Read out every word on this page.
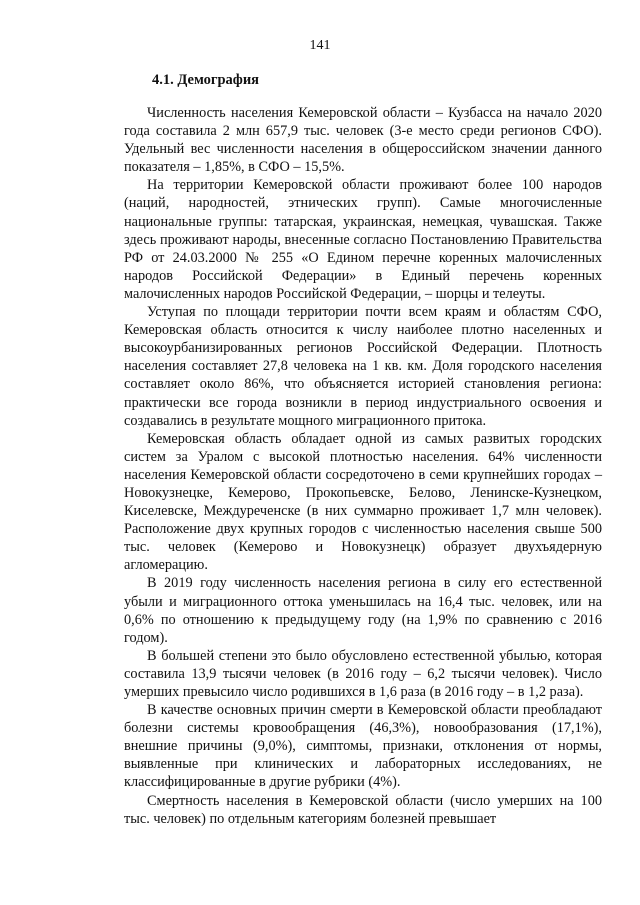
141
4.1. Демография

Численность населения Кемеровской области – Кузбасса на начало 2020 года составила 2 млн 657,9 тыс. человек (3-е место среди регионов СФО). Удельный вес численности населения в общероссийском значении данного показателя – 1,85%, в СФО – 15,5%.

На территории Кемеровской области проживают более 100 народов (наций, народностей, этнических групп). Самые многочисленные национальные группы: татарская, украинская, немецкая, чувашская. Также здесь проживают народы, внесенные согласно Постановлению Правительства РФ от 24.03.2000 № 255 «О Едином перечне коренных малочисленных народов Российской Федерации» в Единый перечень коренных малочисленных народов Российской Федерации, – шорцы и телеуты.

Уступая по площади территории почти всем краям и областям СФО, Кемеровская область относится к числу наиболее плотно населенных и высокоурбанизированных регионов Российской Федерации. Плотность населения составляет 27,8 человека на 1 кв. км. Доля городского населения составляет около 86%, что объясняется историей становления региона: практически все города возникли в период индустриального освоения и создавались в результате мощного миграционного притока.

Кемеровская область обладает одной из самых развитых городских систем за Уралом с высокой плотностью населения. 64% численности населения Кемеровской области сосредоточено в семи крупнейших городах – Новокузнецке, Кемерово, Прокопьевске, Белово, Ленинске-Кузнецком, Киселевске, Междуреченске (в них суммарно проживает 1,7 млн человек). Расположение двух крупных городов с численностью населения свыше 500 тыс. человек (Кемерово и Новокузнецк) образует двухъядерную агломерацию.

В 2019 году численность населения региона в силу его естественной убыли и миграционного оттока уменьшилась на 16,4 тыс. человек, или на 0,6% по отношению к предыдущему году (на 1,9% по сравнению с 2016 годом).

В большей степени это было обусловлено естественной убылью, которая составила 13,9 тысячи человек (в 2016 году – 6,2 тысячи человек). Число умерших превысило число родившихся в 1,6 раза (в 2016 году – в 1,2 раза).

В качестве основных причин смерти в Кемеровской области преобладают болезни системы кровообращения (46,3%), новообразования (17,1%), внешние причины (9,0%), симптомы, признаки, отклонения от нормы, выявленные при клинических и лабораторных исследованиях, не классифицированные в другие рубрики (4%).

Смертность населения в Кемеровской области (число умерших на 100 тыс. человек) по отдельным категориям болезней превышает
